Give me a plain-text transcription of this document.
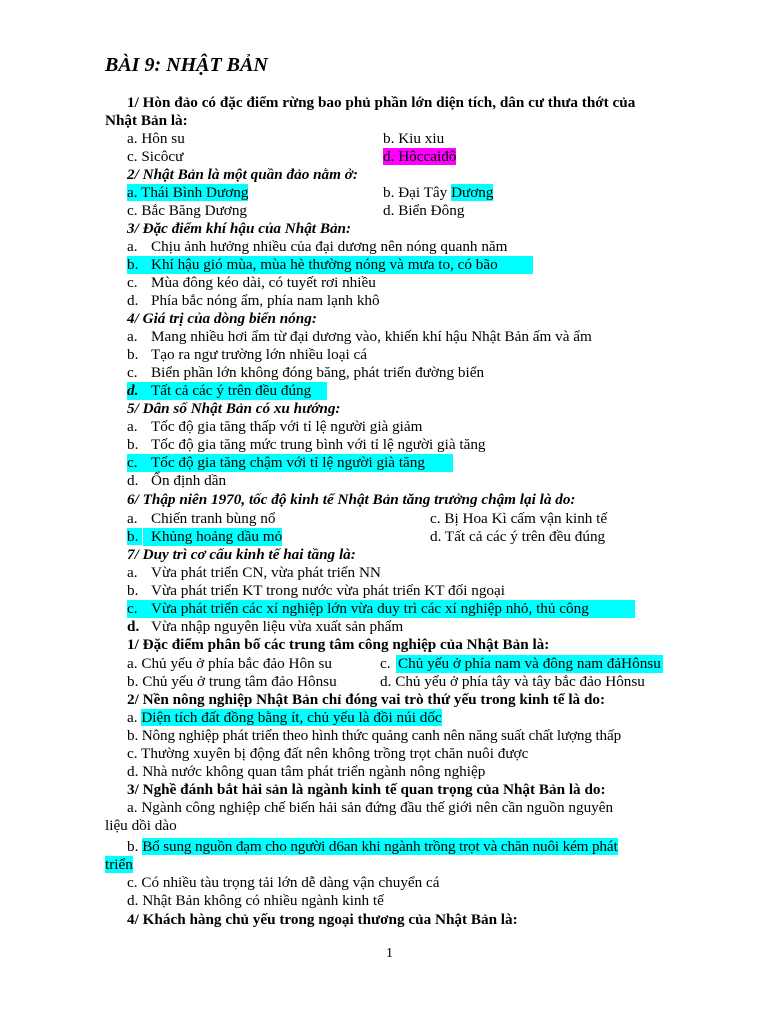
BÀI 9: NHẬT BẢN
1/ Hòn đảo có đặc điểm rừng bao phủ phần lớn diện tích, dân cư thưa thớt của
Nhật Bản là:
a. Hôn su	b. Kiu xiu
c. Sicôcư	d. Hôccaiđô
2/ Nhật Bản là một quần đảo nằm ở:
a. Thái Bình Dương	b. Đại Tây Dương
c. Bắc Băng Dương	d. Biển Đông
3/ Đặc điểm khí hậu của Nhật Bản:
a. Chịu ảnh hưởng nhiều của đại dương nên nóng quanh năm
b. Khí hậu gió mùa, mùa hè thường nóng và mưa to, có bão
c. Mùa đông kéo dài, có tuyết rơi nhiều
d. Phía bắc nóng ẩm, phía nam lạnh khô
4/ Giá trị của dòng biển nóng:
a. Mang nhiều hơi ẩm từ đại dương vào, khiến khí hậu Nhật Bản ấm và ẩm
b. Tạo ra ngư trường lớn nhiều loại cá
c. Biển phần lớn không đóng băng, phát triển đường biển
d. Tất cả các ý trên đều đúng
5/ Dân số Nhật Bản có xu hướng:
a. Tốc độ gia tăng thấp với tỉ lệ người già giảm
b. Tốc độ gia tăng mức trung bình với tỉ lệ người già tăng
c. Tốc độ gia tăng chậm với tỉ lệ người già tăng
d. Ổn định dần
6/ Thập niên 1970, tốc độ kinh tế Nhật Bản tăng trưởng chậm lại là do:
a. Chiến tranh bùng nổ	c. Bị Hoa Kì cấm vận kinh tế
b. Khủng hoảng dầu mỏ	d. Tất cả các ý trên đều đúng
7/ Duy trì cơ cấu kinh tế hai tầng là:
a. Vừa phát triển CN, vừa phát triển NN
b. Vừa phát triển KT trong nước vừa phát triển KT đối ngoại
c. Vừa phát triển các xí nghiệp lớn vừa duy trì các xí nghiệp nhỏ, thủ công
d. Vừa nhập nguyên liệu vừa xuất sản phẩm
1/ Đặc điểm phân bố các trung tâm công nghiệp của Nhật Bản là:
a. Chủ yếu ở phía bắc đảo Hôn su	c. Chủ yếu ở phía nam và đông nam đảHônsu
b. Chủ yếu ở trung tâm đảo Hônsu	d. Chủ yếu ở phía tây và tây bắc đảo Hônsu
2/ Nền nông nghiệp Nhật Bản chỉ đóng vai trò thứ yếu trong kinh tế là do:
a. Diện tích đất đồng bằng ít, chủ yếu là đồi núi dốc
b. Nông nghiệp phát triển theo hình thức quảng canh nên năng suất chất lượng thấp
c. Thường xuyên bị động đất nên không trồng trọt chăn nuôi được
d. Nhà nước không quan tâm phát triển ngành nông nghiệp
3/ Nghề đánh bắt hải sản là ngành kinh tế quan trọng của Nhật Bản là do:
a. Ngành công nghiệp chế biến hải sản đứng đầu thế giới nên cần nguồn nguyên
liệu dồi dào
b. Bổ sung nguồn đạm cho người d6an khi ngành trồng trọt và chăn nuôi kém phát
triển
c. Có nhiều tàu trọng tải lớn dễ dàng vận chuyển cá
d. Nhật Bản không có nhiều ngành kinh tế
4/ Khách hàng chủ yếu trong ngoại thương của Nhật Bản là:
1
